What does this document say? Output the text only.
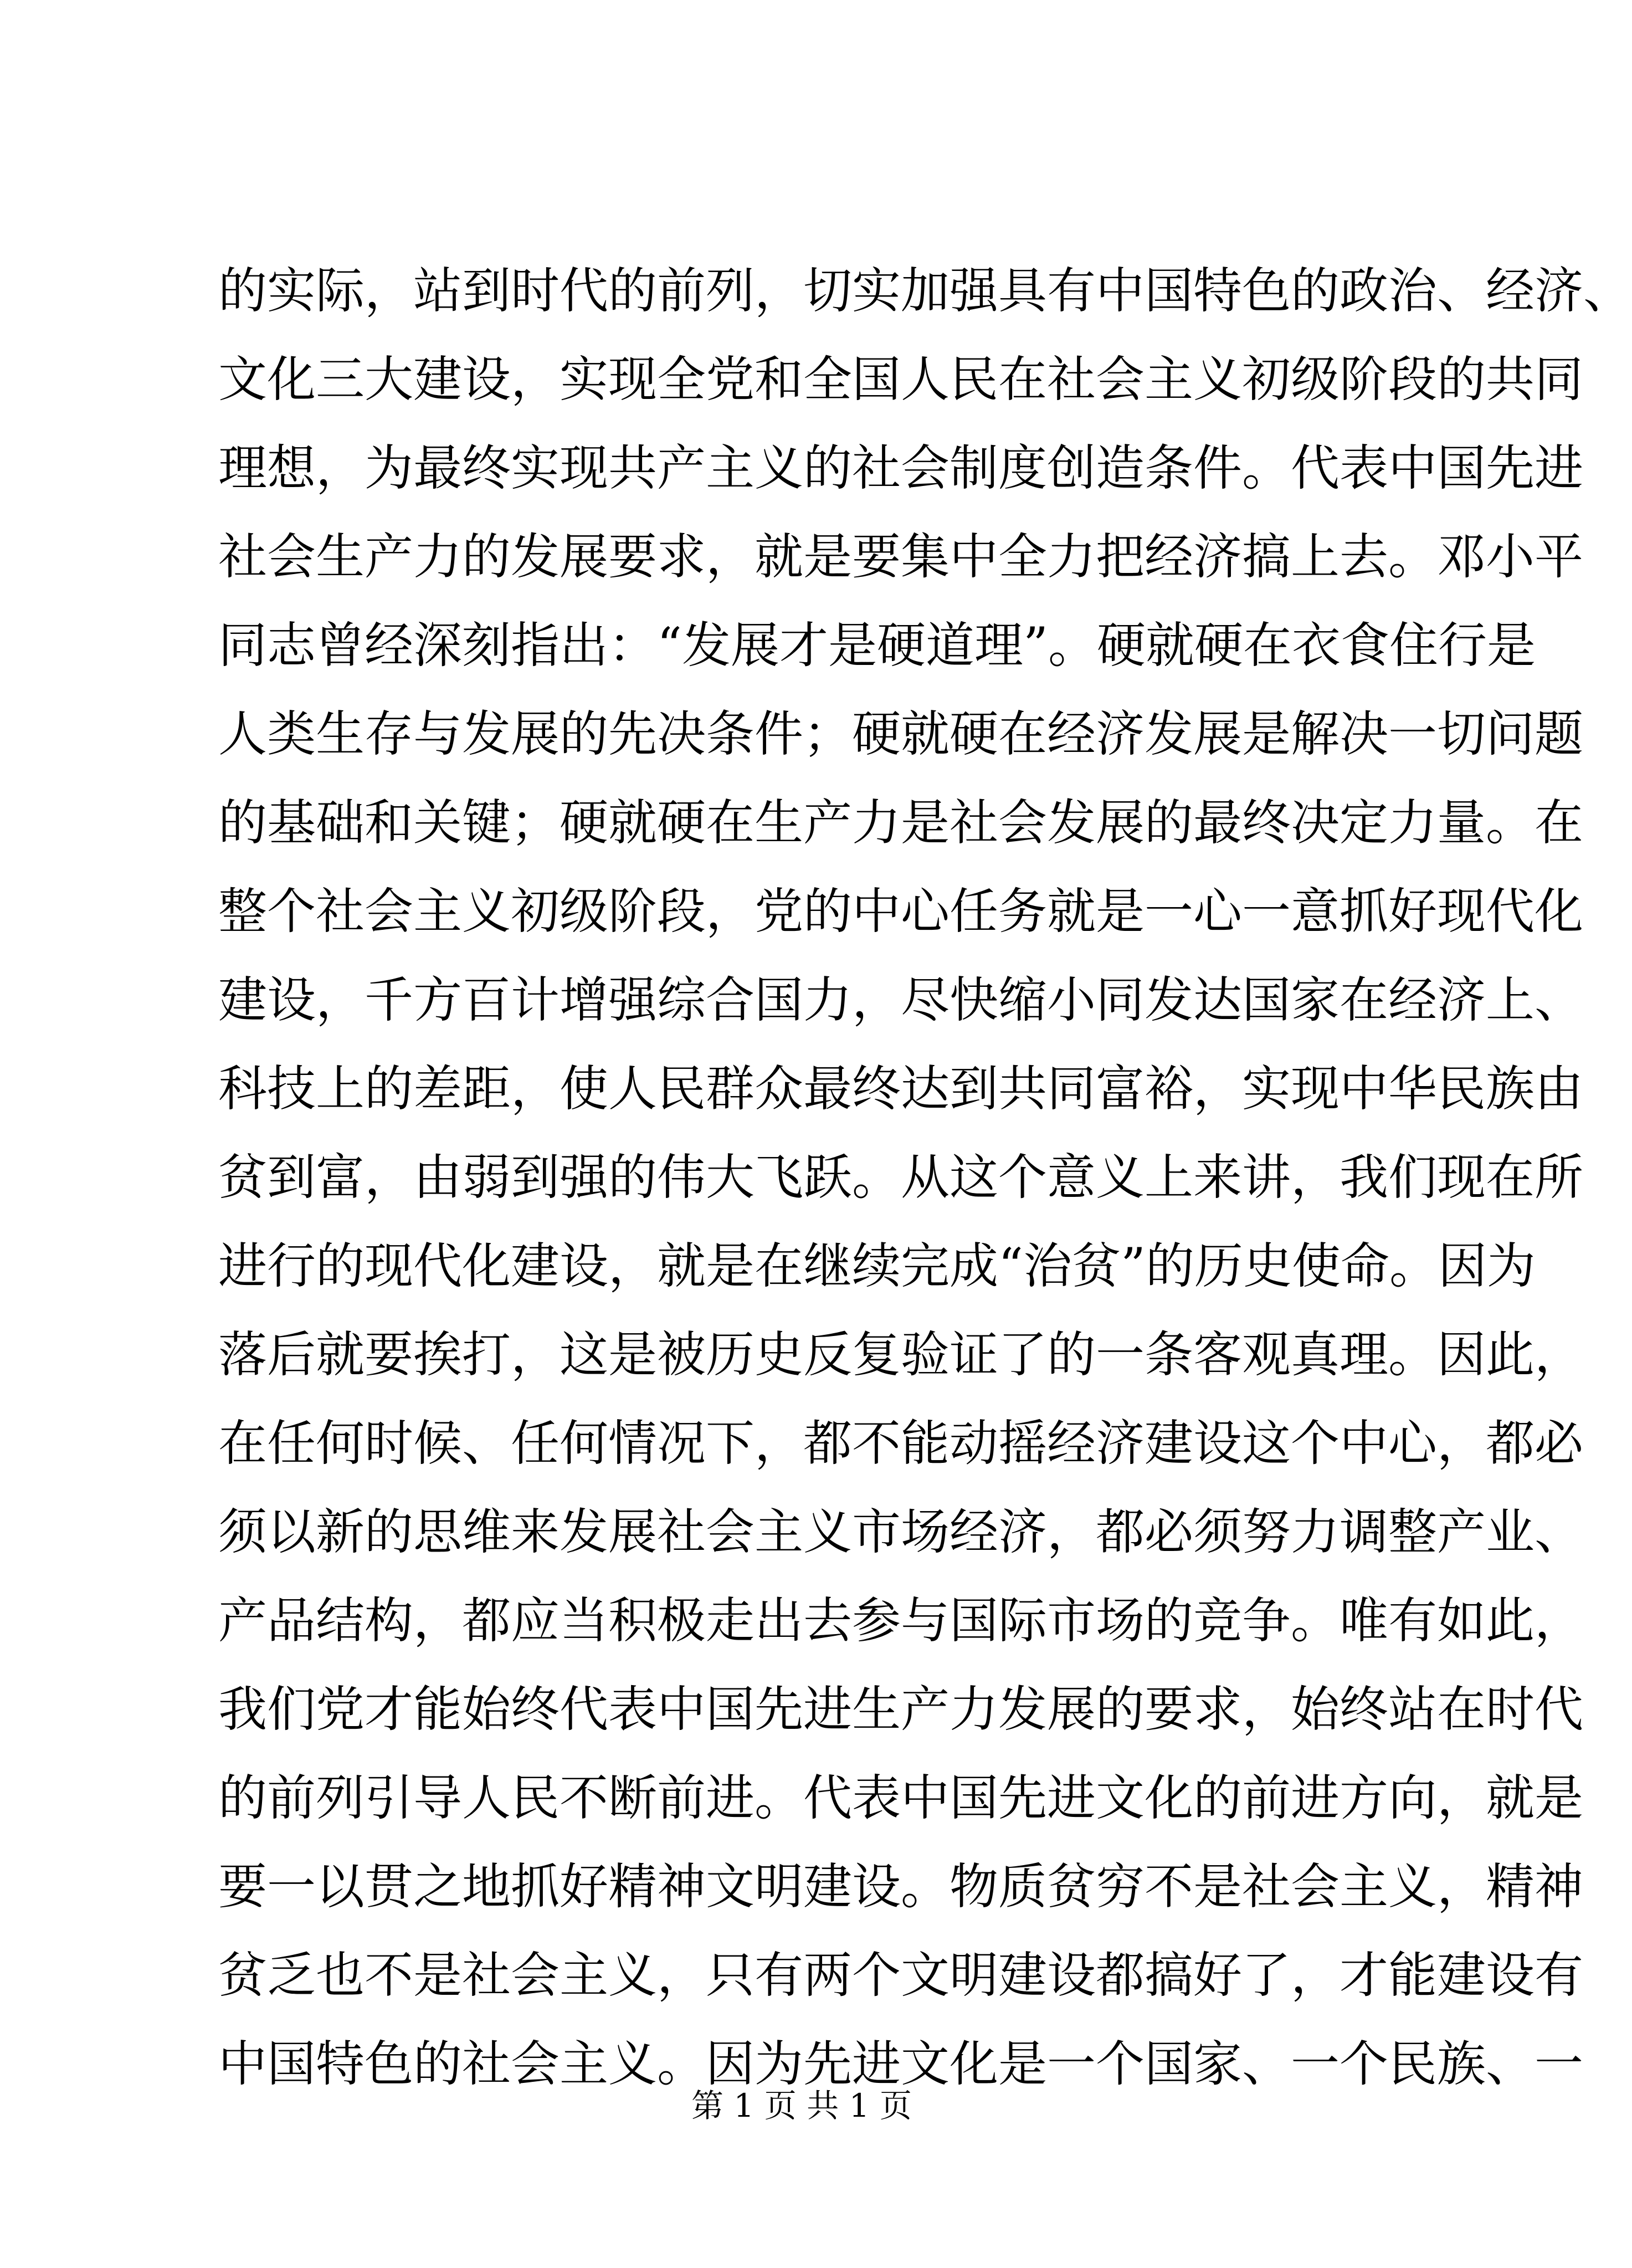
的实际，站到时代的前列，切实加强具有中国特色的政治、经济、
文化三大建设，实现全党和全国人民在社会主义初级阶段的共同
理想，为最终实现共产主义的社会制度创造条件。代表中国先进
社会生产力的发展要求，就是要集中全力把经济搞上去。邓小平
同志曾经深刻指出：“发展才是硬道理”。硬就硬在衣食住行是
人类生存与发展的先决条件；硬就硬在经济发展是解决一切问题
的基础和关键；硬就硬在生产力是社会发展的最终决定力量。在
整个社会主义初级阶段，党的中心任务就是一心一意抓好现代化
建设，千方百计增强综合国力，尽快缩小同发达国家在经济上、
科技上的差距，使人民群众最终达到共同富裕，实现中华民族由
贫到富，由弱到强的伟大飞跃。从这个意义上来讲，我们现在所
进行的现代化建设，就是在继续完成“治贫”的历史使命。因为
落后就要挨打，这是被历史反复验证了的一条客观真理。因此，
在任何时候、任何情况下，都不能动摇经济建设这个中心，都必
须以新的思维来发展社会主义市场经济，都必须努力调整产业、
产品结构，都应当积极走出去参与国际市场的竞争。唯有如此，
我们党才能始终代表中国先进生产力发展的要求，始终站在时代
的前列引导人民不断前进。代表中国先进文化的前进方向，就是
要一以贯之地抓好精神文明建设。物质贫穷不是社会主义，精神
贫乏也不是社会主义，只有两个文明建设都搞好了，才能建设有
中国特色的社会主义。因为先进文化是一个国家、一个民族、一
第 1 页 共 1 页
